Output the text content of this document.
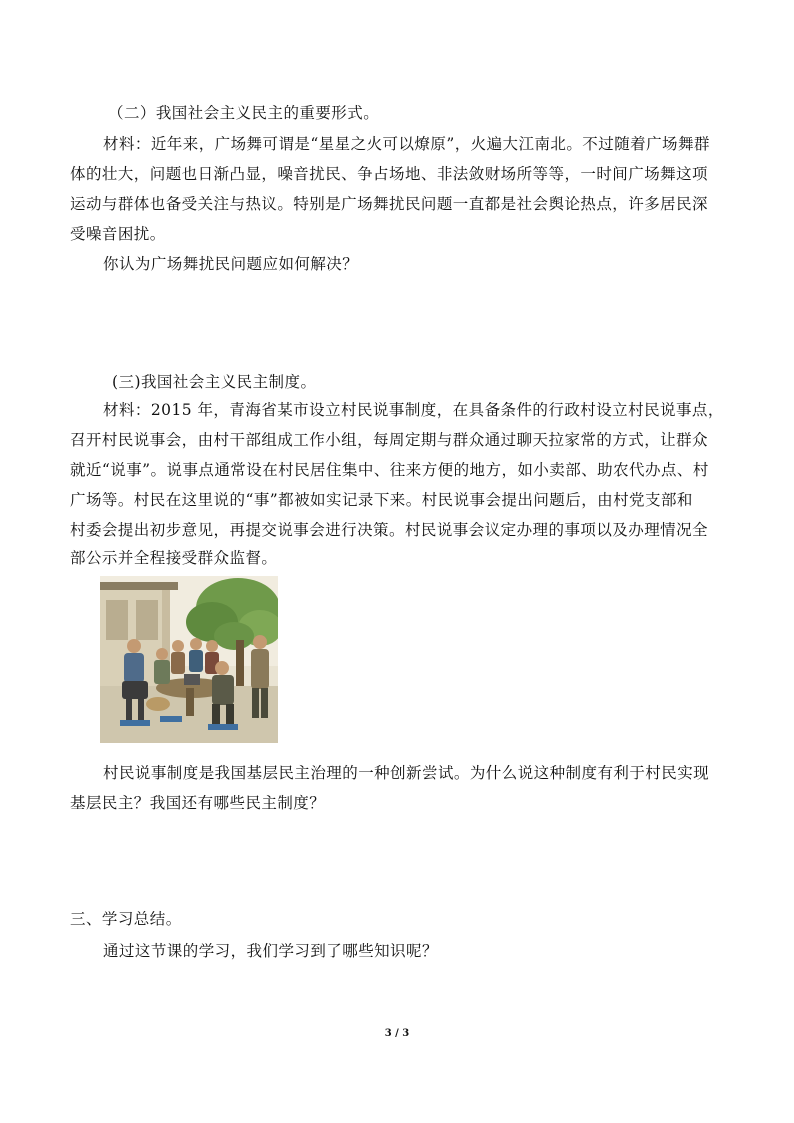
（二）我国社会主义民主的重要形式。
材料：近年来，广场舞可谓是“星星之火可以燎原”，火遍大江南北。不过随着广场舞群
体的壮大，问题也日渐凸显，噪音扰民、争占场地、非法敛财场所等等，一时间广场舞这项
运动与群体也备受关注与热议。特别是广场舞扰民问题一直都是社会舆论热点，许多居民深
受噪音困扰。
你认为广场舞扰民问题应如何解决？
(三)我国社会主义民主制度。
材料：2015 年，青海省某市设立村民说事制度，在具备条件的行政村设立村民说事点，
召开村民说事会，由村干部组成工作小组，每周定期与群众通过聊天拉家常的方式，让群众
就近“说事”。说事点通常设在村民居住集中、往来方便的地方，如小卖部、助农代办点、村
广场等。村民在这里说的“事”都被如实记录下来。村民说事会提出问题后，由村党支部和
村委会提出初步意见，再提交说事会进行决策。村民说事会议定办理的事项以及办理情况全
部公示并全程接受群众监督。
村民说事制度是我国基层民主治理的一种创新尝试。为什么说这种制度有利于村民实现
基层民主？我国还有哪些民主制度？
三、学习总结。
通过这节课的学习，我们学习到了哪些知识呢？
3 / 3
